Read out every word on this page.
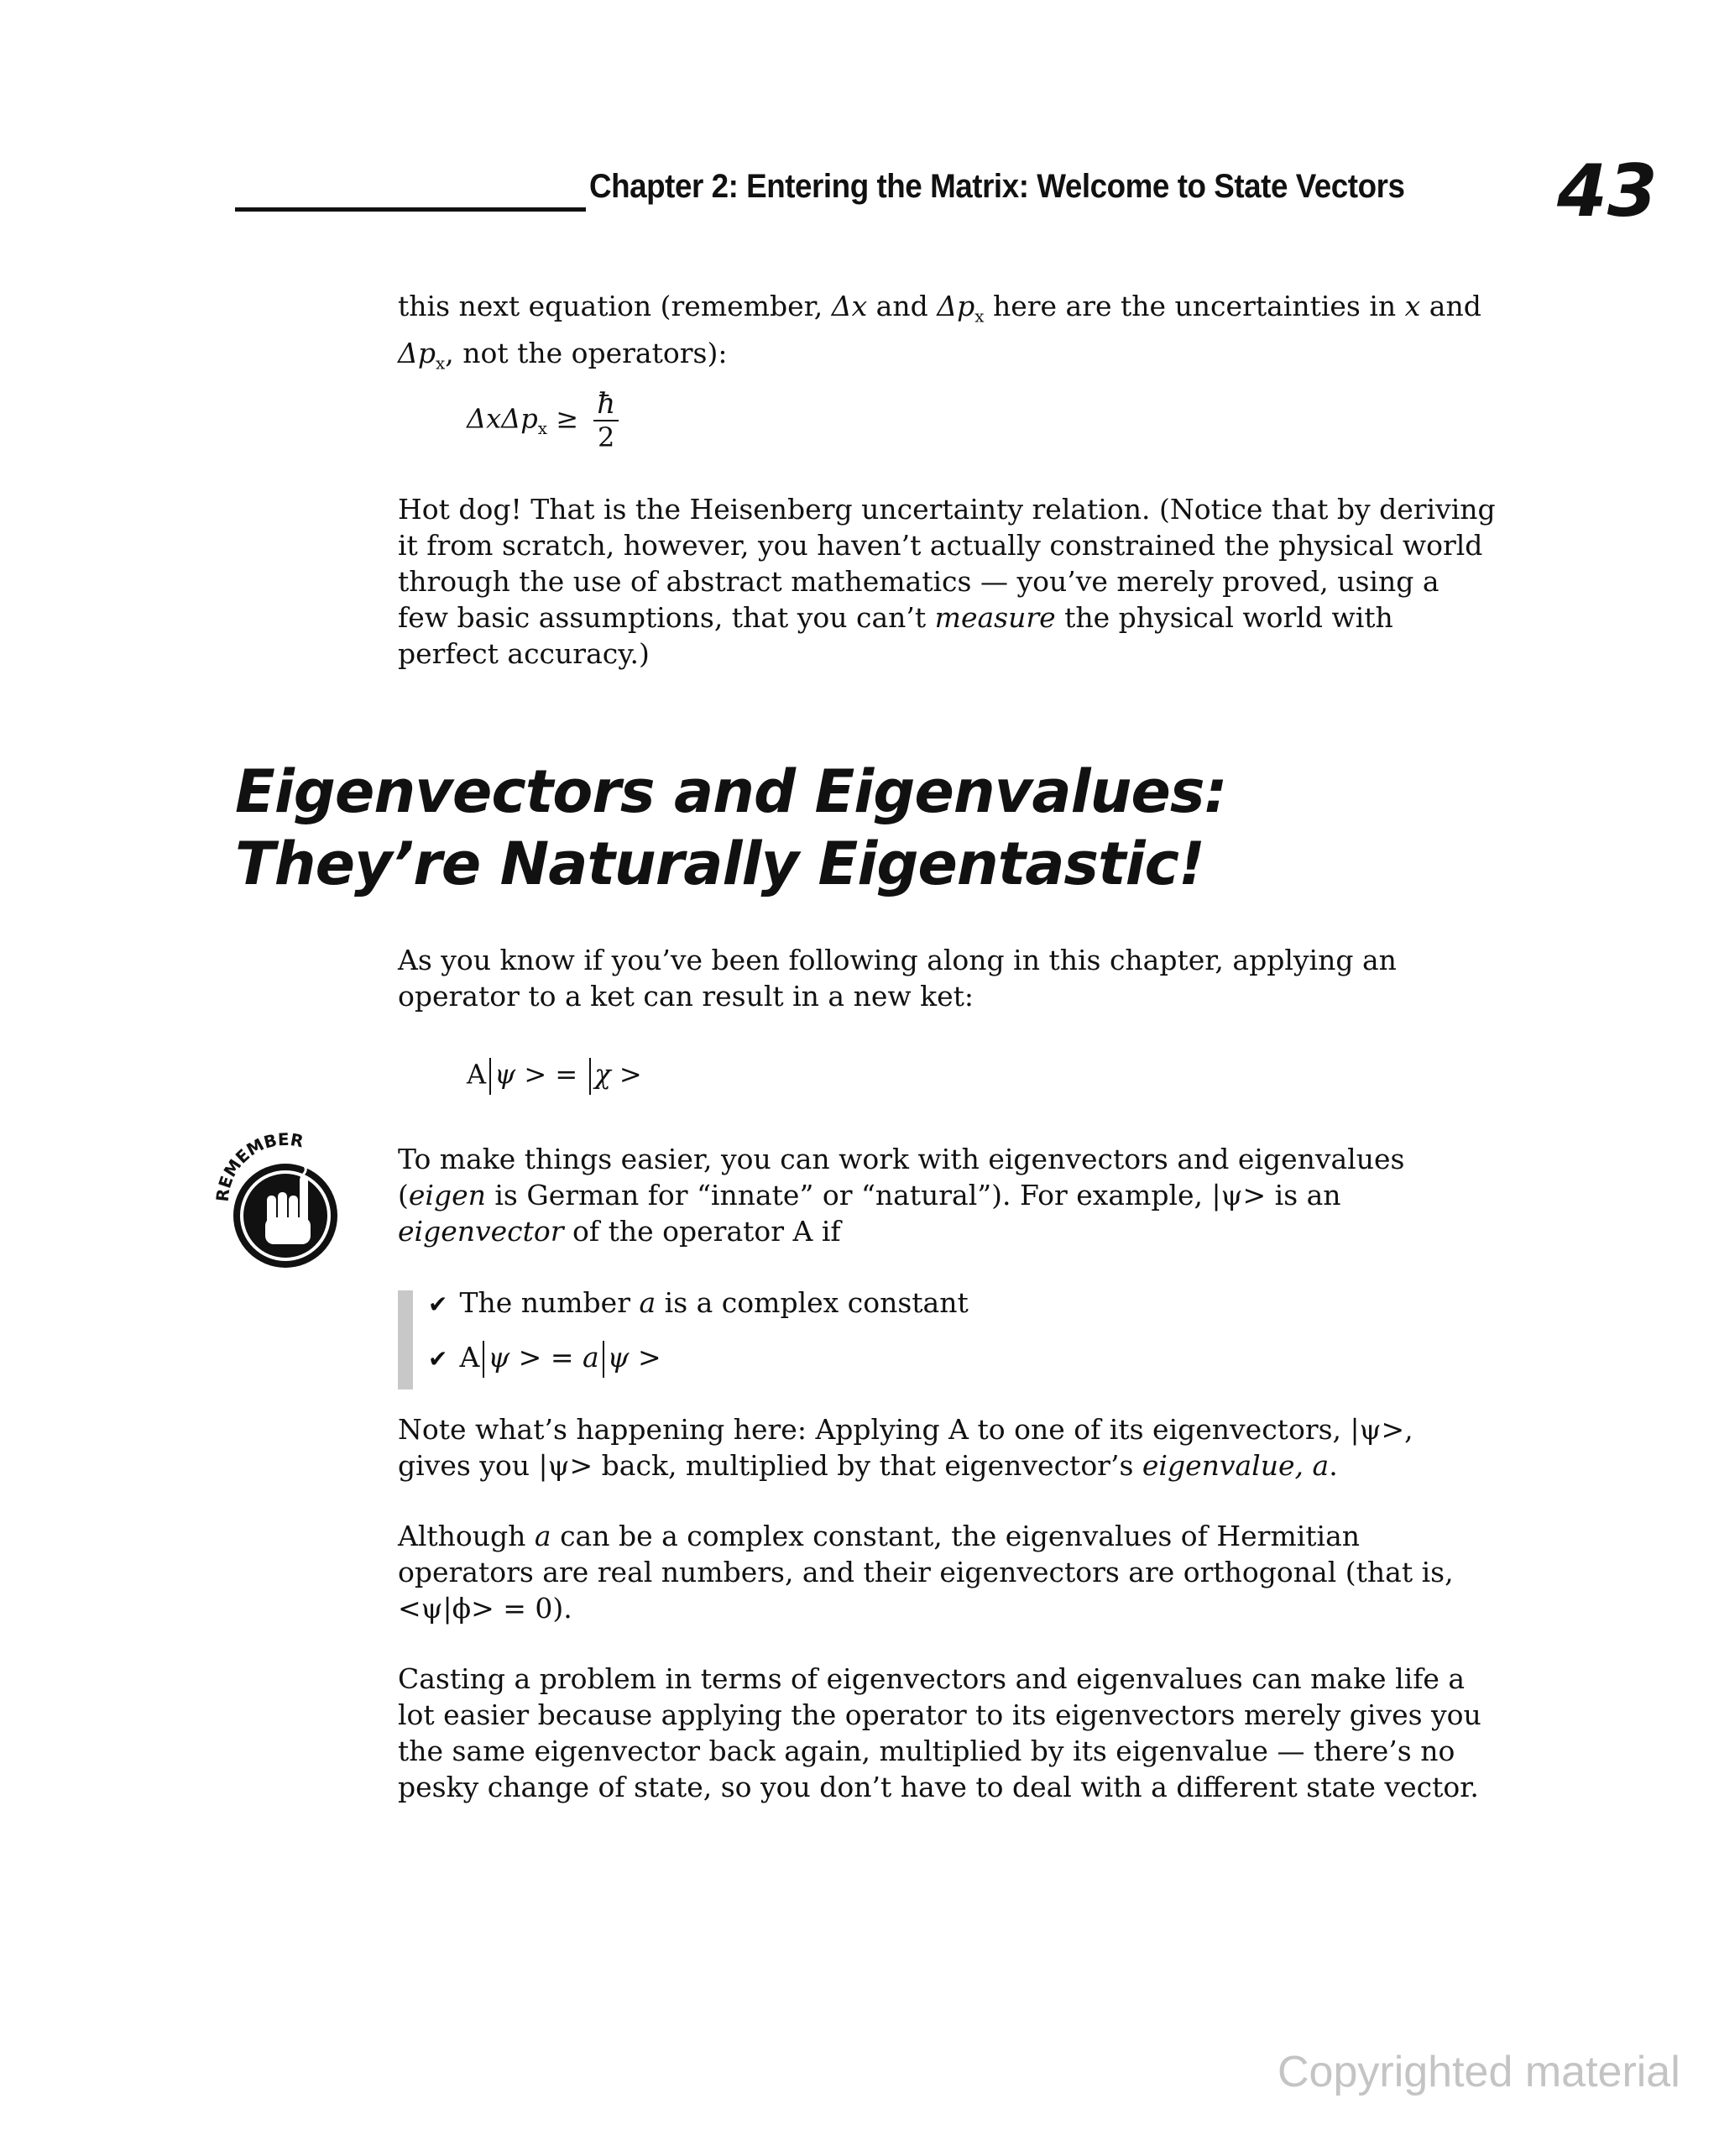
Chapter 2: Entering the Matrix: Welcome to State Vectors 43

this next equation (remember, Δx and $\Delta p_x$ here are the uncertainties in x and
$\Delta p_x$, not the operators):

$\Delta x\Delta p_x \ge \frac{ħ}{2}$

Hot dog! That is the Heisenberg uncertainty relation. (Notice that by deriving it from scratch, however, you haven’t actually constrained the physical world through the use of abstract mathematics — you’ve merely proved, using a few basic assumptions, that you can’t measure the physical world with perfect accuracy.)

Eigenvectors and Eigenvalues:
They’re Naturally Eigentastic!
As you know if you’ve been following along in this chapter, applying an operator to a ket can result in a new ket:
A ψ > = χ >
REMEMBER

To make things easier, you can work with eigenvectors and eigenvalues (eigen is German for “innate” or “natural”). For example, |ψ> is an eigenvector of the operator A if

✔ The number a is a complex constant
✔ A ψ > = a ψ >

Note what’s happening here: Applying A to one of its eigenvectors, |ψ>, gives you |ψ> back, multiplied by that eigenvector’s eigenvalue, a.

Although a can be a complex constant, the eigenvalues of Hermitian operators are real numbers, and their eigenvectors are orthogonal (that is, <ψ|ϕ> = 0).

Casting a problem in terms of eigenvectors and eigenvalues can make life a lot easier because applying the operator to its eigenvectors merely gives you the same eigenvector back again, multiplied by its eigenvalue — there’s no pesky change of state, so you don’t have to deal with a different state vector.
Copyrighted material
